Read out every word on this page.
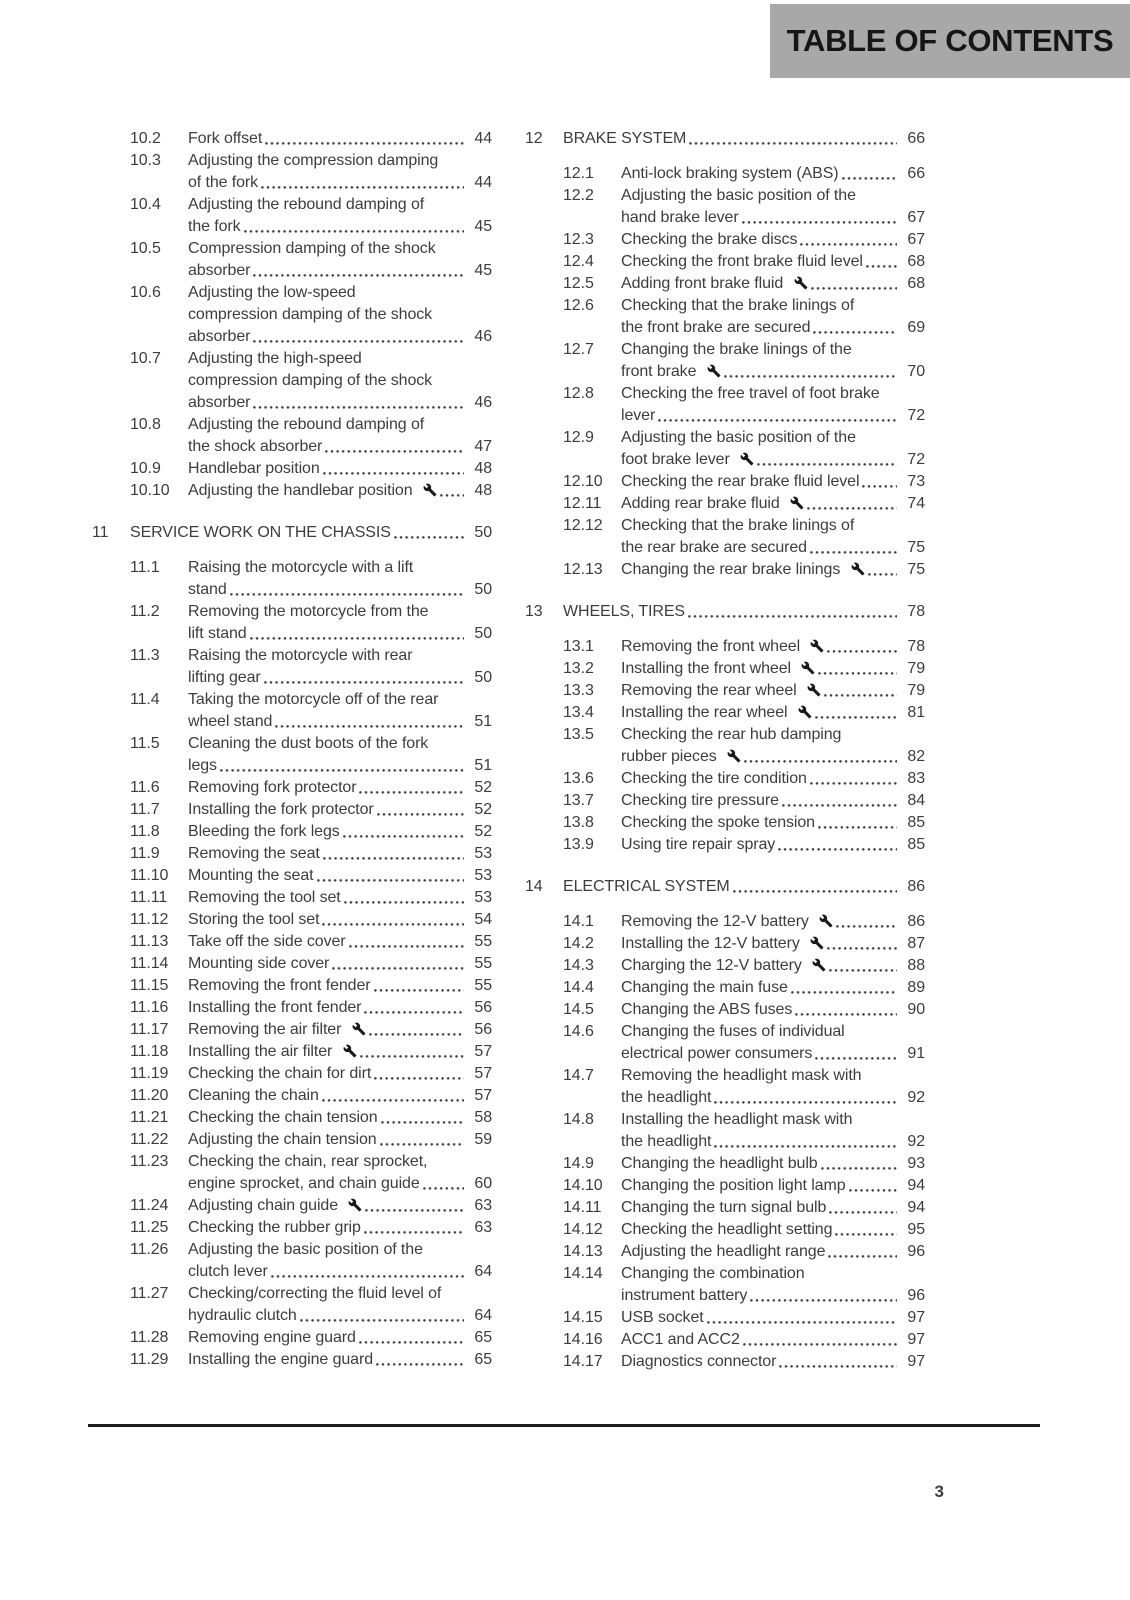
TABLE OF CONTENTS
10.2	Fork offset	44
10.3	Adjusting the compression damping
of the fork	44
10.4	Adjusting the rebound damping of
the fork	45
10.5	Compression damping of the shock
absorber	45
10.6	Adjusting the low-speed
compression damping of the shock
absorber	46
10.7	Adjusting the high-speed
compression damping of the shock
absorber	46
10.8	Adjusting the rebound damping of
the shock absorber	47
10.9	Handlebar position	48
10.10	Adjusting the handlebar position	48
11	SERVICE WORK ON THE CHASSIS	50
11.1	Raising the motorcycle with a lift
stand	50
11.2	Removing the motorcycle from the
lift stand	50
11.3	Raising the motorcycle with rear
lifting gear	50
11.4	Taking the motorcycle off of the rear
wheel stand	51
11.5	Cleaning the dust boots of the fork
legs	51
11.6	Removing fork protector	52
11.7	Installing the fork protector	52
11.8	Bleeding the fork legs	52
11.9	Removing the seat	53
11.10	Mounting the seat	53
11.11	Removing the tool set	53
11.12	Storing the tool set	54
11.13	Take off the side cover	55
11.14	Mounting side cover	55
11.15	Removing the front fender	55
11.16	Installing the front fender	56
11.17	Removing the air filter	56
11.18	Installing the air filter	57
11.19	Checking the chain for dirt	57
11.20	Cleaning the chain	57
11.21	Checking the chain tension	58
11.22	Adjusting the chain tension	59
11.23	Checking the chain, rear sprocket,
engine sprocket, and chain guide	60
11.24	Adjusting chain guide	63
11.25	Checking the rubber grip	63
11.26	Adjusting the basic position of the
clutch lever	64
11.27	Checking/correcting the fluid level of
hydraulic clutch	64
11.28	Removing engine guard	65
11.29	Installing the engine guard	65
12	BRAKE SYSTEM	66
12.1	Anti-lock braking system (ABS)	66
12.2	Adjusting the basic position of the
hand brake lever	67
12.3	Checking the brake discs	67
12.4	Checking the front brake fluid level	68
12.5	Adding front brake fluid	68
12.6	Checking that the brake linings of
the front brake are secured	69
12.7	Changing the brake linings of the
front brake	70
12.8	Checking the free travel of foot brake
lever	72
12.9	Adjusting the basic position of the
foot brake lever	72
12.10	Checking the rear brake fluid level	73
12.11	Adding rear brake fluid	74
12.12	Checking that the brake linings of
the rear brake are secured	75
12.13	Changing the rear brake linings	75
13	WHEELS, TIRES	78
13.1	Removing the front wheel	78
13.2	Installing the front wheel	79
13.3	Removing the rear wheel	79
13.4	Installing the rear wheel	81
13.5	Checking the rear hub damping
rubber pieces	82
13.6	Checking the tire condition	83
13.7	Checking tire pressure	84
13.8	Checking the spoke tension	85
13.9	Using tire repair spray	85
14	ELECTRICAL SYSTEM	86
14.1	Removing the 12-V battery	86
14.2	Installing the 12-V battery	87
14.3	Charging the 12-V battery	88
14.4	Changing the main fuse	89
14.5	Changing the ABS fuses	90
14.6	Changing the fuses of individual
electrical power consumers	91
14.7	Removing the headlight mask with
the headlight	92
14.8	Installing the headlight mask with
the headlight	92
14.9	Changing the headlight bulb	93
14.10	Changing the position light lamp	94
14.11	Changing the turn signal bulb	94
14.12	Checking the headlight setting	95
14.13	Adjusting the headlight range	96
14.14	Changing the combination
instrument battery	96
14.15	USB socket	97
14.16	ACC1 and ACC2	97
14.17	Diagnostics connector	97
3
